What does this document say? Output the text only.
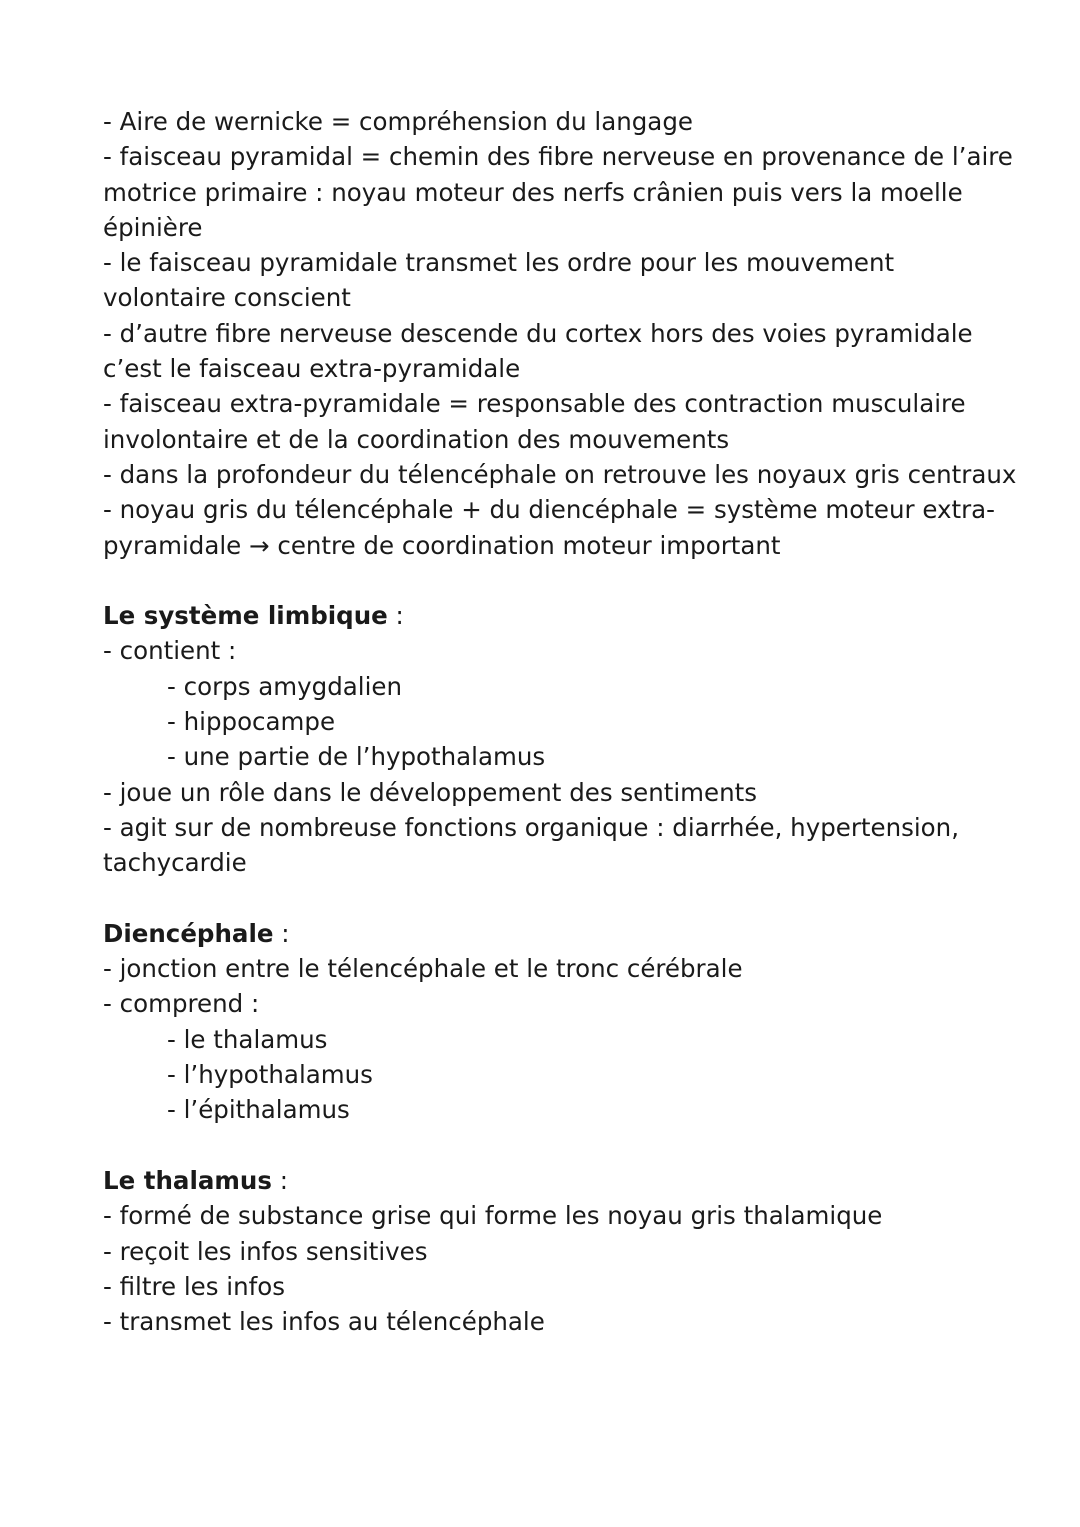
- Aire de wernicke = compréhension du langage
- faisceau pyramidal = chemin des fibre nerveuse en provenance de l’aire
motrice primaire : noyau moteur des nerfs crânien puis vers la moelle
épinière
- le faisceau pyramidale transmet les ordre pour les mouvement
volontaire conscient
- d’autre fibre nerveuse descende du cortex hors des voies pyramidale
c’est le faisceau extra-pyramidale
- faisceau extra-pyramidale = responsable des contraction musculaire
involontaire et de la coordination des mouvements
- dans la profondeur du télencéphale on retrouve les noyaux gris centraux
- noyau gris du télencéphale + du diencéphale = système moteur extra-
pyramidale → centre de coordination moteur important
Le système limbique :
- contient :
- corps amygdalien
- hippocampe
- une partie de l’hypothalamus
- joue un rôle dans le développement des sentiments
- agit sur de nombreuse fonctions organique : diarrhée, hypertension,
tachycardie
Diencéphale :
- jonction entre le télencéphale et le tronc cérébrale
- comprend :
- le thalamus
- l’hypothalamus
- l’épithalamus
Le thalamus :
- formé de substance grise qui forme les noyau gris thalamique
- reçoit les infos sensitives
- filtre les infos
- transmet les infos au télencéphale
